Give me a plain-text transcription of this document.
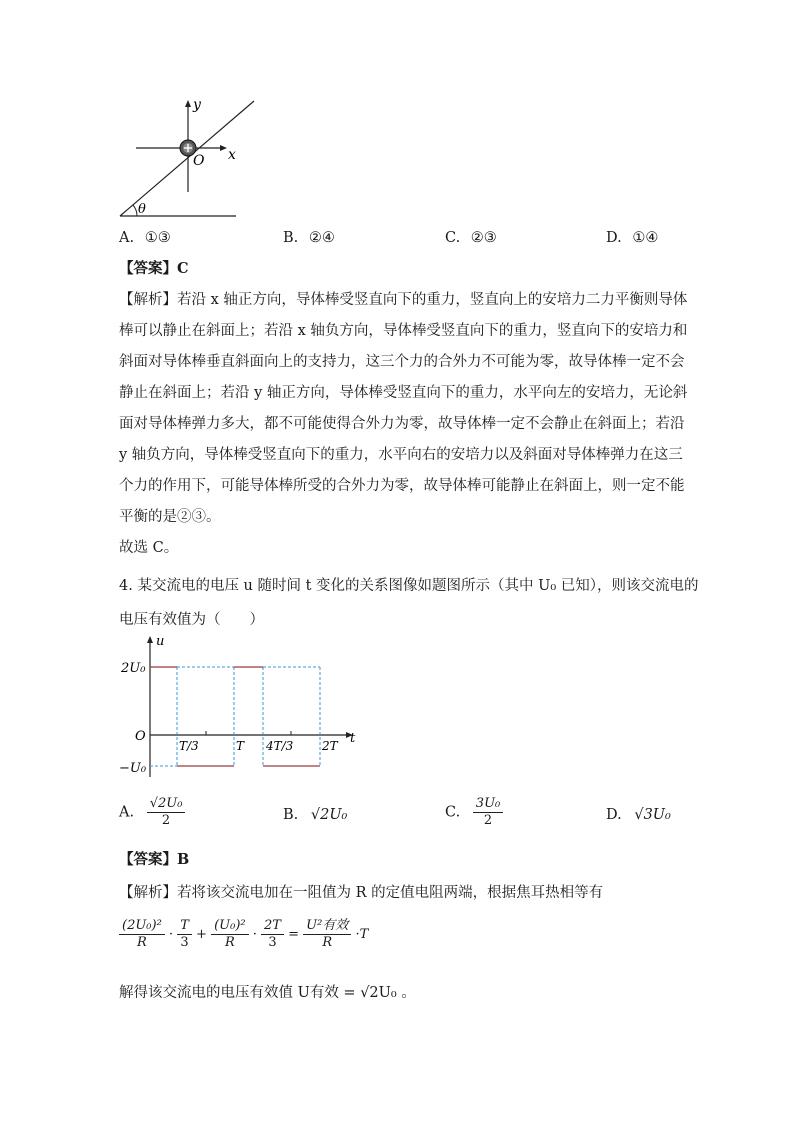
y
x
O
θ
A. ①③	B. ②④	C. ②③	D. ①④
【答案】C
【解析】若沿 x 轴正方向，导体棒受竖直向下的重力，竖直向上的安培力二力平衡则导体
棒可以静止在斜面上；若沿 x 轴负方向，导体棒受竖直向下的重力，竖直向下的安培力和
斜面对导体棒垂直斜面向上的支持力，这三个力的合外力不可能为零，故导体棒一定不会
静止在斜面上；若沿 y 轴正方向，导体棒受竖直向下的重力，水平向左的安培力，无论斜
面对导体棒弹力多大，都不可能使得合外力为零，故导体棒一定不会静止在斜面上；若沿
y 轴负方向，导体棒受竖直向下的重力，水平向右的安培力以及斜面对导体棒弹力在这三
个力的作用下，可能导体棒所受的合外力为零，故导体棒可能静止在斜面上，则一定不能
平衡的是②③。
故选 C。
4. 某交流电的电压 u 随时间 t 变化的关系图像如题图所示（其中 U₀ 已知），则该交流电的
电压有效值为（　　）
u
t
O
2U₀
−U₀
T/3	T 4T/3 2T
A. $\frac{\text{√2U₀}}{2}$	B. √2U₀	C. $\frac{\text{3U₀}}{2}$	D. √3U₀
【答案】B
【解析】若将该交流电加在一阻值为 R 的定值电阻两端，根据焦耳热相等有
$\frac{\text{(2U₀)²}}{R} \cdot \frac{T}{3} + \frac{\text{(U₀)²}}{R} \cdot \frac{2T}{3} = \frac{\text{U²有效}}{R} \cdot T$
解得该交流电的电压有效值 U有效 = √2U₀ 。
